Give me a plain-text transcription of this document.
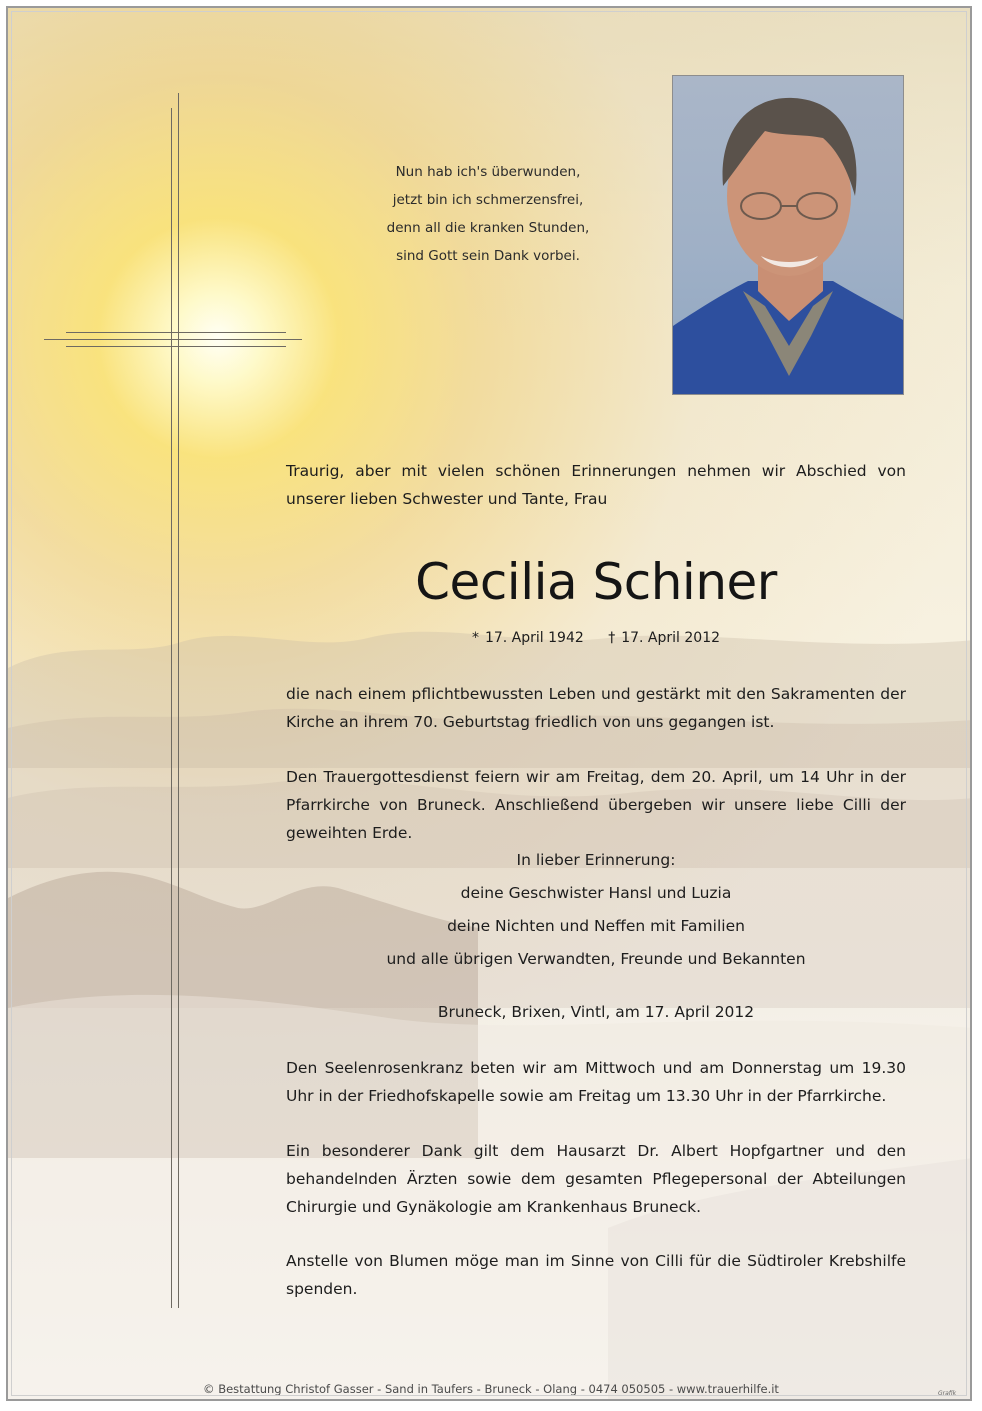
Nun hab ich's überwunden,
jetzt bin ich schmerzensfrei,
denn all die kranken Stunden,
sind Gott sein Dank vorbei.
Traurig, aber mit vielen schönen Erinnerungen nehmen wir Abschied von unserer lieben Schwester und Tante, Frau
Cecilia Schiner
* 17. April 1942 † 17. April 2012
die nach einem pflichtbewussten Leben und gestärkt mit den Sakramenten der Kirche an ihrem 70. Geburtstag friedlich von uns gegangen ist.
Den Trauergottesdienst feiern wir am Freitag, dem 20. April, um 14 Uhr in der Pfarrkirche von Bruneck. Anschließend übergeben wir unsere liebe Cilli der geweihten Erde.
In lieber Erinnerung:
deine Geschwister Hansl und Luzia
deine Nichten und Neffen mit Familien
und alle übrigen Verwandten, Freunde und Bekannten
Bruneck, Brixen, Vintl, am 17. April 2012
Den Seelenrosenkranz beten wir am Mittwoch und am Donnerstag um 19.30 Uhr in der Friedhofskapelle sowie am Freitag um 13.30 Uhr in der Pfarrkirche.
Ein besonderer Dank gilt dem Hausarzt Dr. Albert Hopfgartner und den behandelnden Ärzten sowie dem gesamten Pflegepersonal der Abteilungen Chirurgie und Gynäkologie am Krankenhaus Bruneck.
Anstelle von Blumen möge man im Sinne von Cilli für die Südtiroler Krebshilfe spenden.
© Bestattung Christof Gasser - Sand in Taufers - Bruneck - Olang - 0474 050505 - www.trauerhilfe.it	Grafik
